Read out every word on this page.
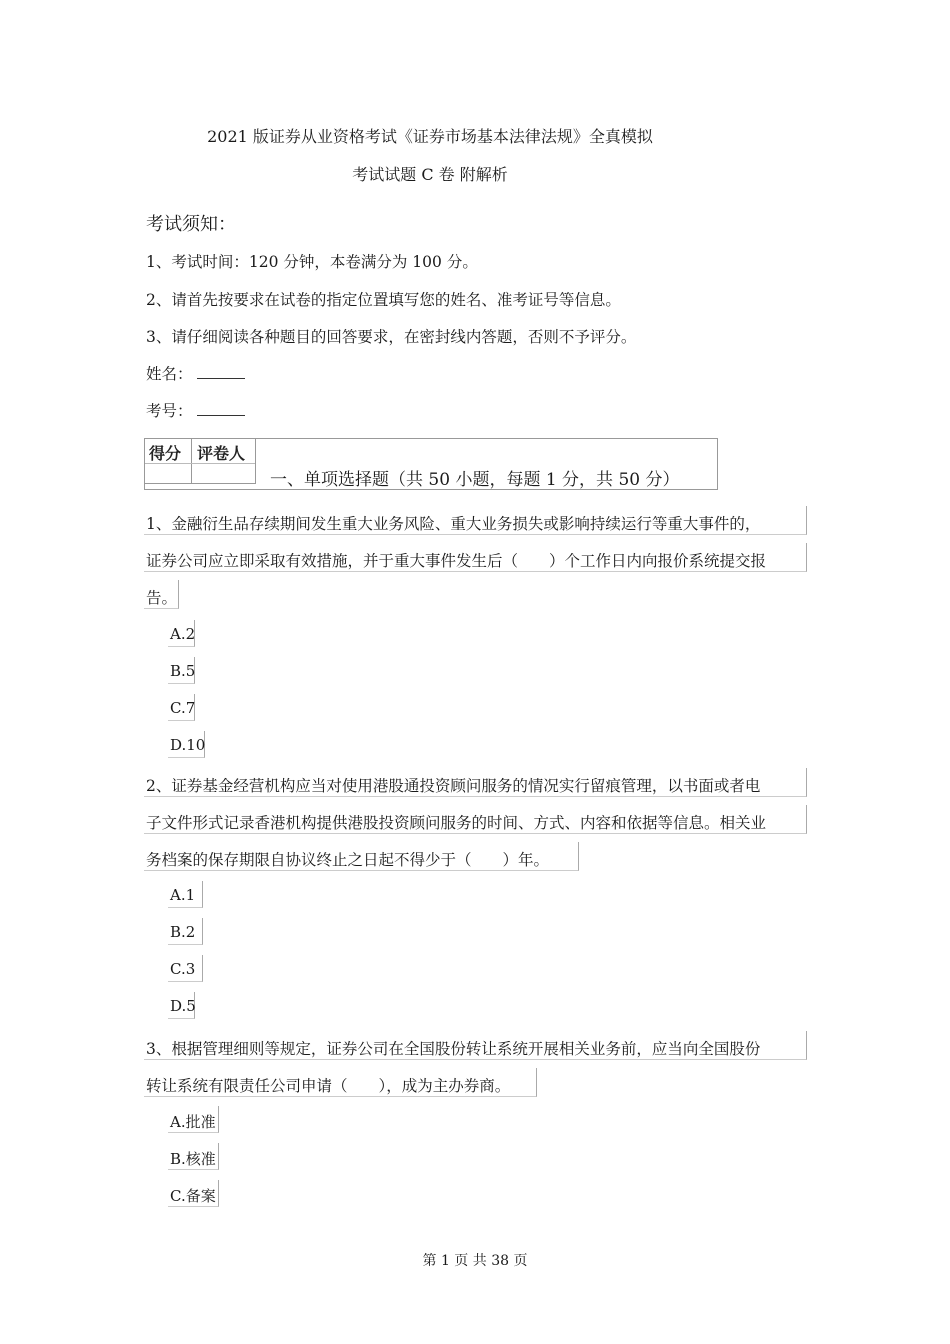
2021 版证券从业资格考试《证券市场基本法律法规》全真模拟
考试试题 C 卷 附解析
考试须知：
1、考试时间：120 分钟，本卷满分为 100 分。
2、请首先按要求在试卷的指定位置填写您的姓名、准考证号等信息。
3、请仔细阅读各种题目的回答要求，在密封线内答题，否则不予评分。
姓名：
考号：
得分 评卷人
一、单项选择题（共 50 小题，每题 1 分，共 50 分）
1、金融衍生品存续期间发生重大业务风险、重大业务损失或影响持续运行等重大事件的，
证券公司应立即采取有效措施，并于重大事件发生后（　　）个工作日内向报价系统提交报
告。
A.2
B.5
C.7
D.10
2、证券基金经营机构应当对使用港股通投资顾问服务的情况实行留痕管理，以书面或者电
子文件形式记录香港机构提供港股投资顾问服务的时间、方式、内容和依据等信息。相关业
务档案的保存期限自协议终止之日起不得少于（　　）年。
A.1
B.2
C.3
D.5
3、根据管理细则等规定，证券公司在全国股份转让系统开展相关业务前，应当向全国股份
转让系统有限责任公司申请（　　），成为主办券商。
A.批准
B.核准
C.备案
第 1 页 共 38 页
